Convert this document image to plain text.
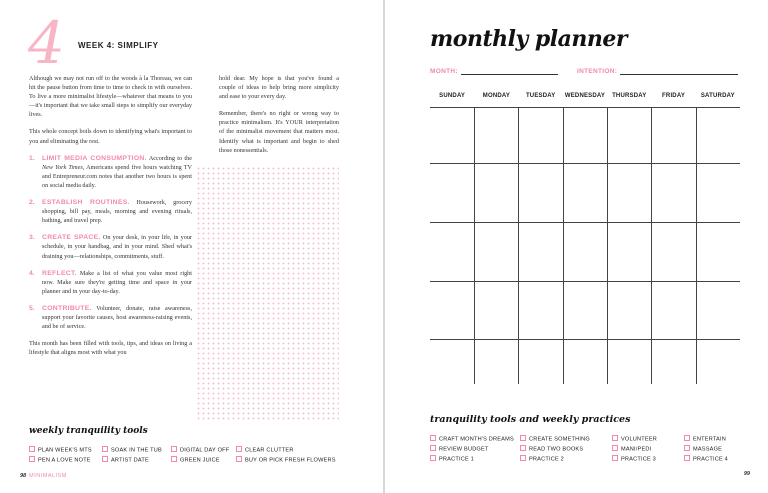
4 WEEK 4: SIMPLIFY

Although we may not run off to the woods à la Thoreau, we can hit the pause button from time to time to check in with ourselves. To live a more minimalist lifestyle—whatever that means to you—it's important that we take small steps to simplify our everyday lives.

This whole concept boils down to identifying what's important to you and eliminating the rest.

1. LIMIT MEDIA CONSUMPTION. According to the New York Times, Americans spend five hours watching TV and Entrepreneur.com notes that another two hours is spent on social media daily.
2. ESTABLISH ROUTINES. Housework, grocery shopping, bill pay, meals, morning and evening rituals, bathing, and travel prep.
3. CREATE SPACE. On your desk, in your life, in your schedule, in your handbag, and in your mind. Shed what's draining you—relationships, commitments, stuff.
4. REFLECT. Make a list of what you value most right now. Make sure they're getting time and space in your planner and in your day-to-day.
5. CONTRIBUTE. Volunteer, donate, raise awareness, support your favorite causes, host awareness-raising events, and be of service.

This month has been filled with tools, tips, and ideas on living a lifestyle that aligns most with what you

hold dear. My hope is that you've found a couple of ideas to help bring more simplicity and ease to your every day.

Remember, there's no right or wrong way to practice minimalism. It's YOUR interpretation of the minimalist movement that matters most. Identify what is important and begin to shed those nonessentials.

weekly tranquility tools
PLAN WEEK'S MTS
PEN A LOVE NOTE
SOAK IN THE TUB
ARTIST DATE
DIGITAL DAY OFF
GREEN JUICE
CLEAR CLUTTER
BUY OR PICK FRESH FLOWERS
98 MINIMALISM
monthly planner
MONTH:	INTENTION:
SUNDAY	MONDAY	TUESDAY	WEDNESDAY	THURSDAY	FRIDAY	SATURDAY
tranquility tools and weekly practices
CRAFT MONTH'S DREAMS
REVIEW BUDGET
PRACTICE 1
CREATE SOMETHING
READ TWO BOOKS
PRACTICE 2
VOLUNTEER
MANI/PEDI
PRACTICE 3
ENTERTAIN
MASSAGE
PRACTICE 4
99
